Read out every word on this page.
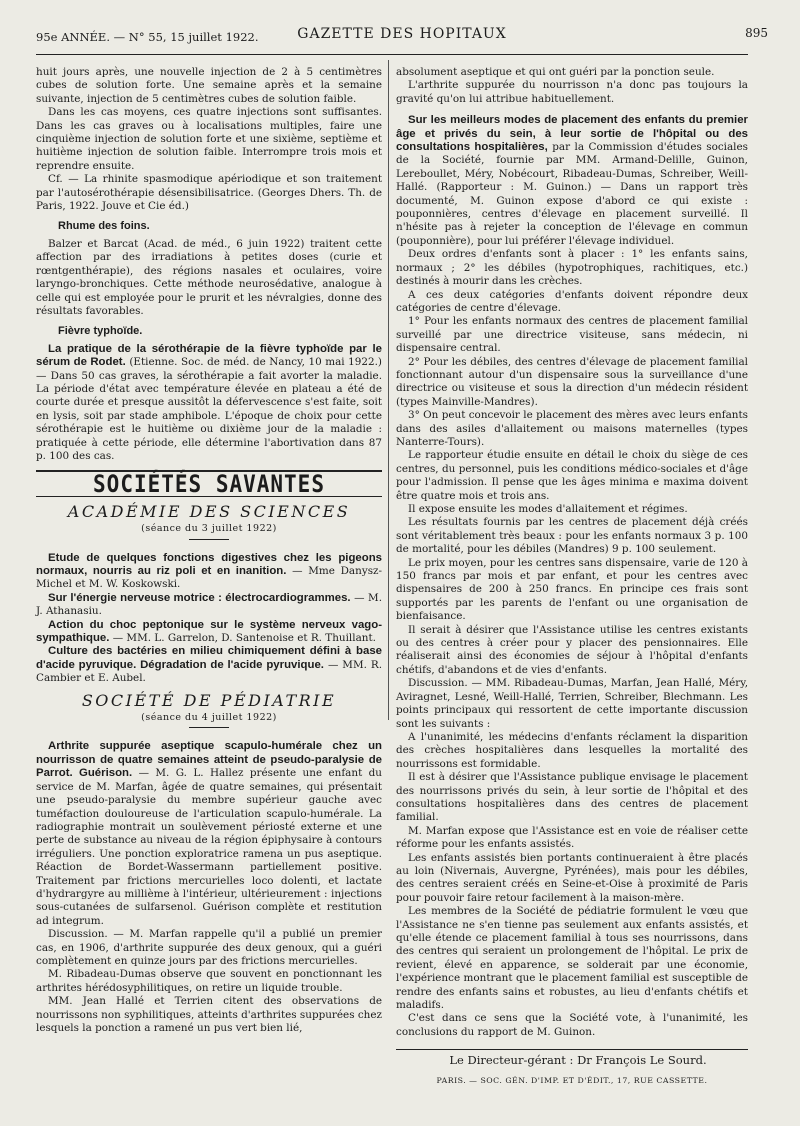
95e ANNÉE. — N° 55, 15 juillet 1922.	GAZETTE DES HOPITAUX	895

huit jours après, une nouvelle injection de 2 à 5 centimètres cubes de solution forte. Une semaine après et la semaine suivante, injection de 5 centimètres cubes de solution faible.

Dans les cas moyens, ces quatre injections sont suffisantes. Dans les cas graves ou à localisations multiples, faire une cinquième injection de solution forte et une sixième, septième et huitième injection de solution faible. Interrompre trois mois et reprendre ensuite.

Cf. — La rhinite spasmodique apériodique et son traitement par l'autosérothérapie désensibilisatrice. (Georges Dhers. Th. de Paris, 1922. Jouve et Cie éd.)

Rhume des foins.

Balzer et Barcat (Acad. de méd., 6 juin 1922) traitent cette affection par des irradiations à petites doses (curie et rœntgenthérapie), des régions nasales et oculaires, voire laryngo-bronchiques. Cette méthode neurosédative, analogue à celle qui est employée pour le prurit et les névralgies, donne des résultats favorables.

Fièvre typhoïde.

La pratique de la sérothérapie de la fièvre typhoïde par le sérum de Rodet. (Etienne. Soc. de méd. de Nancy, 10 mai 1922.) — Dans 50 cas graves, la sérothérapie a fait avorter la maladie. La période d'état avec température élevée en plateau a été de courte durée et presque aussitôt la défervescence s'est faite, soit en lysis, soit par stade amphibole. L'époque de choix pour cette sérothérapie est le huitième ou dixième jour de la maladie : pratiquée à cette période, elle détermine l'abortivation dans 87 p. 100 des cas.

SOCIÉTÉS SAVANTES
ACADÉMIE DES SCIENCES
(séance du 3 juillet 1922)

Etude de quelques fonctions digestives chez les pigeons normaux, nourris au riz poli et en inanition. — Mme Danysz-Michel et M. W. Koskowski.

Sur l'énergie nerveuse motrice : électrocardiogrammes. — M. J. Athanasiu.

Action du choc peptonique sur le système nerveux vago-sympathique. — MM. L. Garrelon, D. Santenoise et R. Thuillant.

Culture des bactéries en milieu chimiquement défini à base d'acide pyruvique. Dégradation de l'acide pyruvique. — MM. R. Cambier et E. Aubel.

SOCIÉTÉ DE PÉDIATRIE
(séance du 4 juillet 1922)

Arthrite suppurée aseptique scapulo-humérale chez un nourrisson de quatre semaines atteint de pseudo-paralysie de Parrot. Guérison. — M. G. L. Hallez présente une enfant du service de M. Marfan, âgée de quatre semaines, qui présentait une pseudo-paralysie du membre supérieur gauche avec tuméfaction douloureuse de l'articulation scapulo-humérale. La radiographie montrait un soulèvement périosté externe et une perte de substance au niveau de la région épiphysaire à contours irréguliers. Une ponction exploratrice ramena un pus aseptique. Réaction de Bordet-Wassermann partiellement positive. Traitement par frictions mercurielles loco dolenti, et lactate d'hydrargyre au millième à l'intérieur, ultérieurement : injections sous-cutanées de sulfarsenol. Guérison complète et restitution ad integrum.

Discussion. — M. Marfan rappelle qu'il a publié un premier cas, en 1906, d'arthrite suppurée des deux genoux, qui a guéri complètement en quinze jours par des frictions mercurielles.

M. Ribadeau-Dumas observe que souvent en ponctionnant les arthrites hérédosyphilitiques, on retire un liquide trouble.

MM. Jean Hallé et Terrien citent des observations de nourrissons non syphilitiques, atteints d'arthrites suppurées chez lesquels la ponction a ramené un pus vert bien lié,

absolument aseptique et qui ont guéri par la ponction seule.

L'arthrite suppurée du nourrisson n'a donc pas toujours la gravité qu'on lui attribue habituellement.

Sur les meilleurs modes de placement des enfants du premier âge et privés du sein, à leur sortie de l'hôpital ou des consultations hospitalières, par la Commission d'études sociales de la Société, fournie par MM. Armand-Delille, Guinon, Lereboullet, Méry, Nobécourt, Ribadeau-Dumas, Schreiber, Weill-Hallé. (Rapporteur : M. Guinon.) — Dans un rapport très documenté, M. Guinon expose d'abord ce qui existe : pouponnières, centres d'élevage en placement surveillé. Il n'hésite pas à rejeter la conception de l'élevage en commun (pouponnière), pour lui préférer l'élevage individuel.

Deux ordres d'enfants sont à placer : 1° les enfants sains, normaux ; 2° les débiles (hypotrophiques, rachitiques, etc.) destinés à mourir dans les crèches.

A ces deux catégories d'enfants doivent répondre deux catégories de centre d'élevage.

1° Pour les enfants normaux des centres de placement familial surveillé par une directrice visiteuse, sans médecin, ni dispensaire central.

2° Pour les débiles, des centres d'élevage de placement familial fonctionnant autour d'un dispensaire sous la surveillance d'une directrice ou visiteuse et sous la direction d'un médecin résident (types Mainville-Mandres).

3° On peut concevoir le placement des mères avec leurs enfants dans des asiles d'allaitement ou maisons maternelles (types Nanterre-Tours).

Le rapporteur étudie ensuite en détail le choix du siège de ces centres, du personnel, puis les conditions médico-sociales et d'âge pour l'admission. Il pense que les âges minima e maxima doivent être quatre mois et trois ans.

Il expose ensuite les modes d'allaitement et régimes.

Les résultats fournis par les centres de placement déjà créés sont véritablement très beaux : pour les enfants normaux 3 p. 100 de mortalité, pour les débiles (Mandres) 9 p. 100 seulement.

Le prix moyen, pour les centres sans dispensaire, varie de 120 à 150 francs par mois et par enfant, et pour les centres avec dispensaires de 200 à 250 francs. En principe ces frais sont supportés par les parents de l'enfant ou une organisation de bienfaisance.

Il serait à désirer que l'Assistance utilise les centres existants ou des centres à créer pour y placer des pensionnaires. Elle réaliserait ainsi des économies de séjour à l'hôpital d'enfants chétifs, d'abandons et de vies d'enfants.

Discussion. — MM. Ribadeau-Dumas, Marfan, Jean Hallé, Méry, Aviragnet, Lesné, Weill-Hallé, Terrien, Schreiber, Blechmann. Les points principaux qui ressortent de cette importante discussion sont les suivants :

A l'unanimité, les médecins d'enfants réclament la disparition des crèches hospitalières dans lesquelles la mortalité des nourrissons est formidable.

Il est à désirer que l'Assistance publique envisage le placement des nourrissons privés du sein, à leur sortie de l'hôpital et des consultations hospitalières dans des centres de placement familial.

M. Marfan expose que l'Assistance est en voie de réaliser cette réforme pour les enfants assistés.

Les enfants assistés bien portants continueraient à être placés au loin (Nivernais, Auvergne, Pyrénées), mais pour les débiles, des centres seraient créés en Seine-et-Oise à proximité de Paris pour pouvoir faire retour facilement à la maison-mère.

Les membres de la Société de pédiatrie formulent le vœu que l'Assistance ne s'en tienne pas seulement aux enfants assistés, et qu'elle étende ce placement familial à tous ses nourrissons, dans des centres qui seraient un prolongement de l'hôpital. Le prix de revient, élevé en apparence, se solderait par une économie, l'expérience montrant que le placement familial est susceptible de rendre des enfants sains et robustes, au lieu d'enfants chétifs et maladifs.

C'est dans ce sens que la Société vote, à l'unanimité, les conclusions du rapport de M. Guinon.

Le Directeur-gérant : Dr François Le Sourd.

PARIS. — SOC. GÉN. D'IMP. ET D'ÉDIT., 17, RUE CASSETTE.
